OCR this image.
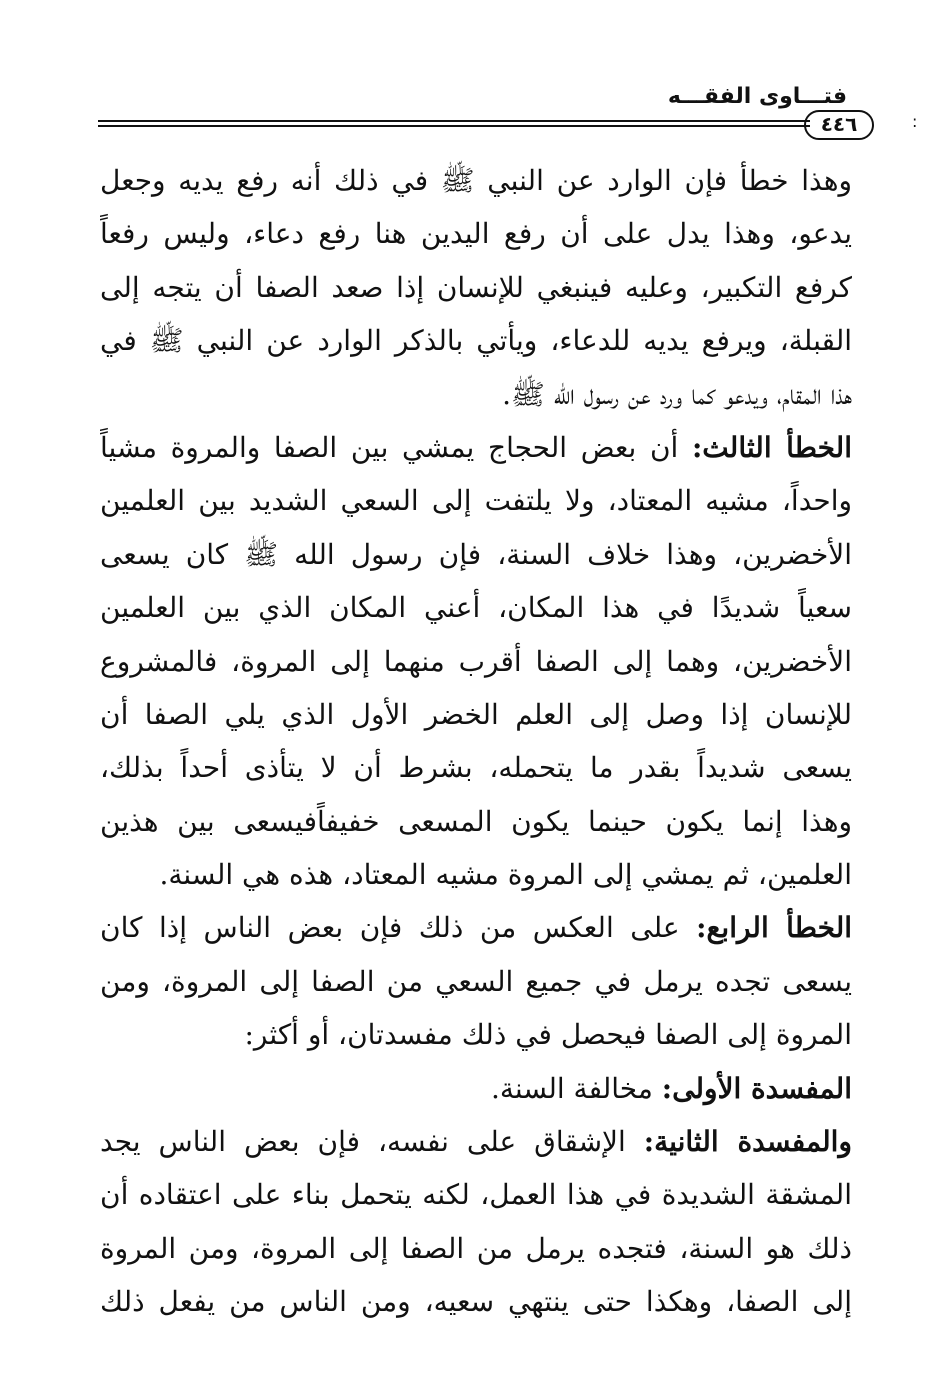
فتـــاوى الفقـــه
٤٤٦	:
وهذا خطأ فإن الوارد عن النبي ﷺ في ذلك أنه رفع يديه وجعل
يدعو، وهذا يدل على أن رفع اليدين هنا رفع دعاء، وليس رفعاً
كرفع التكبير، وعليه فينبغي للإنسان إذا صعد الصفا أن يتجه إلى
القبلة، ويرفع يديه للدعاء، ويأتي بالذكر الوارد عن النبي ﷺ في
هذا المقام، ويدعو كما ورد عن رسول الله ﷺ.
الخطأ الثالث: أن بعض الحجاج يمشي بين الصفا والمروة مشياً
واحداً، مشيه المعتاد، ولا يلتفت إلى السعي الشديد بين العلمين
الأخضرين، وهذا خلاف السنة، فإن رسول الله ﷺ كان يسعى
سعياً شديدًا في هذا المكان، أعني المكان الذي بين العلمين
الأخضرين، وهما إلى الصفا أقرب منهما إلى المروة، فالمشروع
للإنسان إذا وصل إلى العلم الخضر الأول الذي يلي الصفا أن
يسعى شديداً بقدر ما يتحمله، بشرط أن لا يتأذى أحداً بذلك،
وهذا إنما يكون حينما يكون المسعى خفيفاًفيسعى بين هذين
العلمين، ثم يمشي إلى المروة مشيه المعتاد، هذه هي السنة.
الخطأ الرابع: على العكس من ذلك فإن بعض الناس إذا كان
يسعى تجده يرمل في جميع السعي من الصفا إلى المروة، ومن
المروة إلى الصفا فيحصل في ذلك مفسدتان، أو أكثر:
المفسدة الأولى: مخالفة السنة.
والمفسدة الثانية: الإشقاق على نفسه، فإن بعض الناس يجد
المشقة الشديدة في هذا العمل، لكنه يتحمل بناء على اعتقاده أن
ذلك هو السنة، فتجده يرمل من الصفا إلى المروة، ومن المروة
إلى الصفا، وهكذا حتى ينتهي سعيه، ومن الناس من يفعل ذلك
